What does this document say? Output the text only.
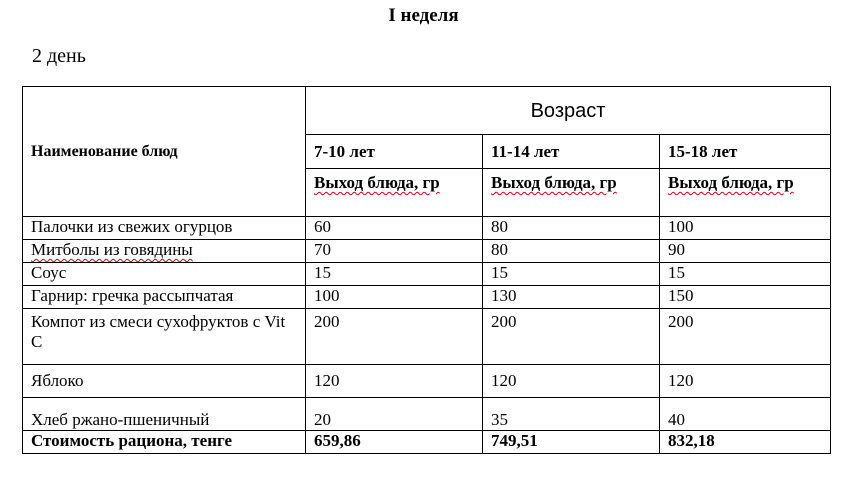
I неделя
2 день
Наименование блюд	Возраст		
	7-10 лет	11-14 лет	15-18 лет
	Выход блюда, гр	Выход блюда, гр	Выход блюда, гр
Палочки из свежих огурцов	60	80	100
Митболы из говядины	70	80	90
Соус	15	15	15
Гарнир: гречка рассыпчатая	100	130	150
Компот из смеси сухофруктов с Vit C	200	200	200
Яблоко	120	120	120
Хлеб ржано-пшеничный	20	35	40
Стоимость рациона, тенге	659,86	749,51	832,18
